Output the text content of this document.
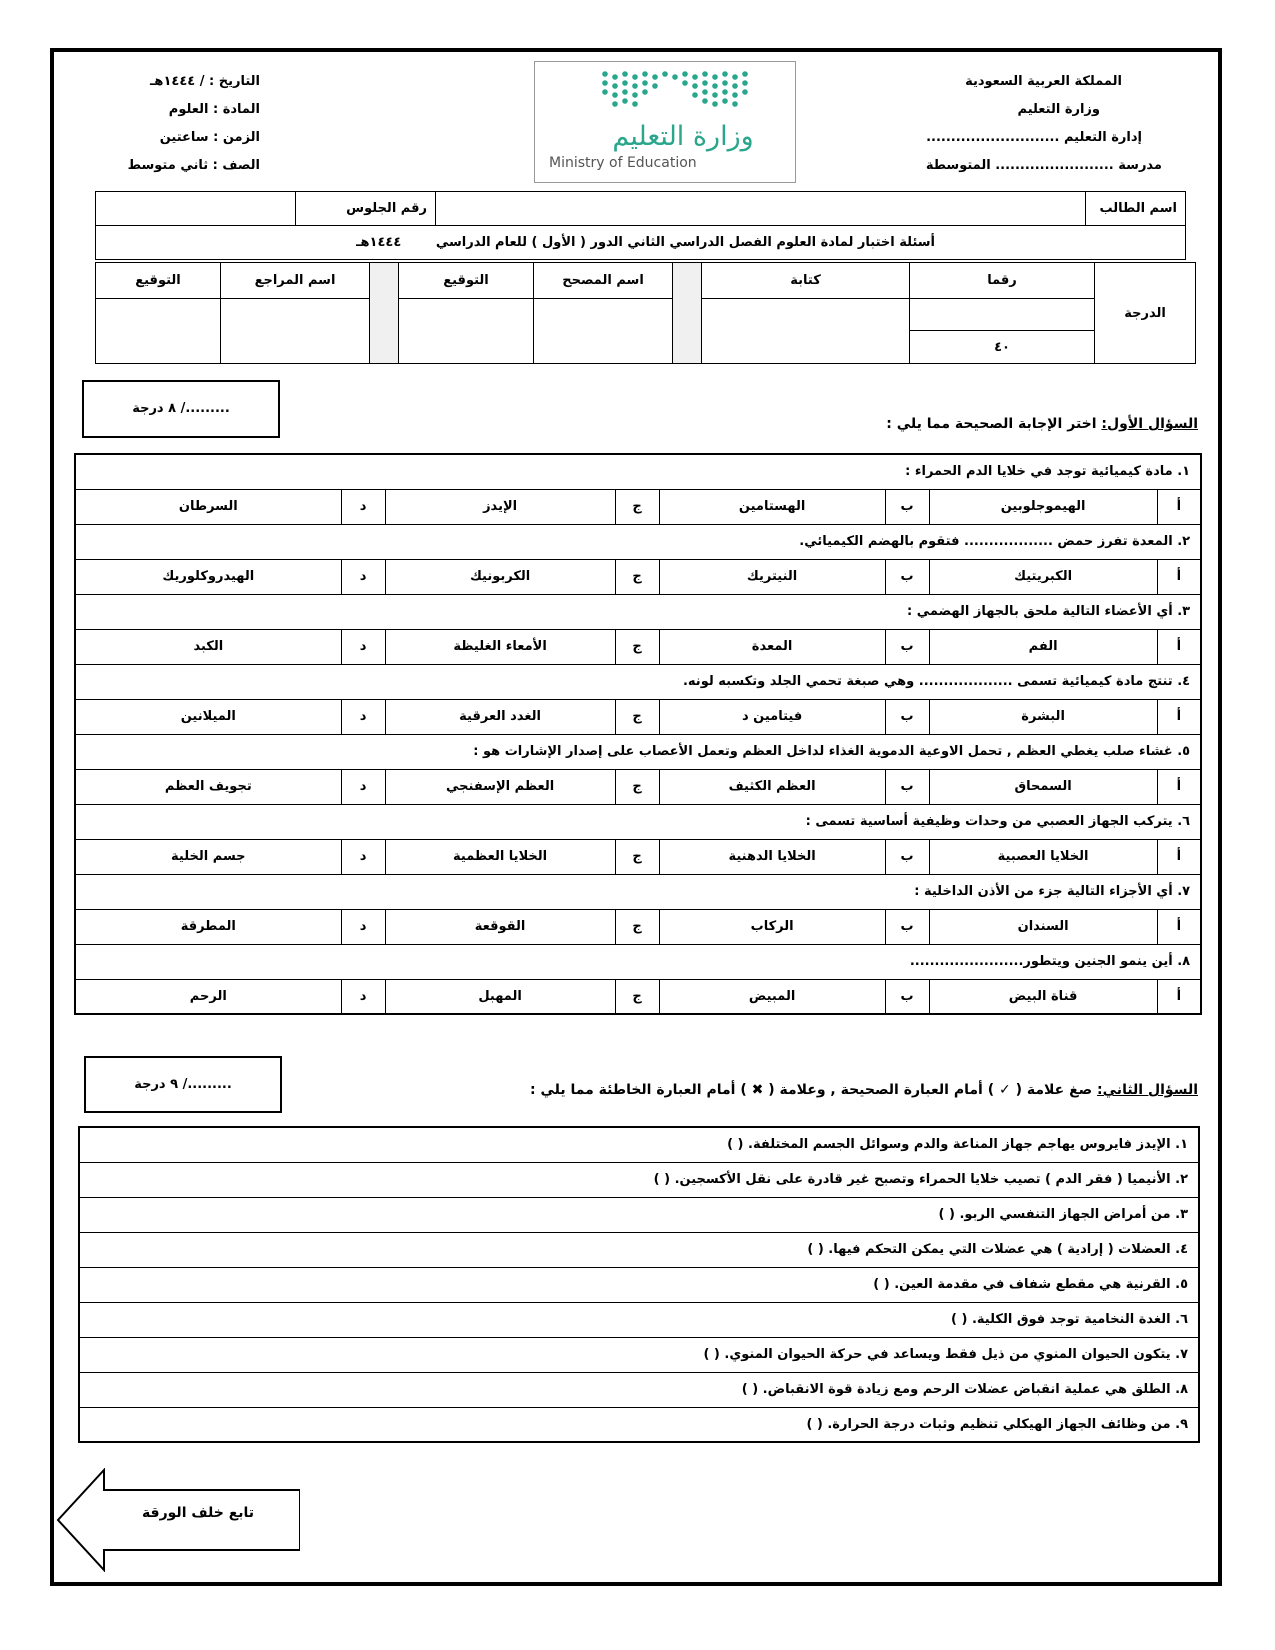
المملكة العربية السعودية
وزارة التعليم
إدارة التعليم ...........................
مدرسة ........................ المتوسطة
التاريخ : / ١٤٤٤هـ
المادة : العلوم
الزمن : ساعتين
الصف : ثاني متوسط
وزارة التعليم
Ministry of Education
اسم الطالب		رقم الجلوس	
أسئلة اختبار لمادة العلوم الفصل الدراسي الثاني الدور ( الأول ) للعام الدراسي ١٤٤٤هـ
الدرجة	رقما	كتابة		اسم المصحح	التوقيع		اسم المراجع	التوقيع

	٤٠							
........./ ٨ درجة
السؤال الأول: اختر الإجابة الصحيحة مما يلي :
١. مادة كيميائية توجد في خلايا الدم الحمراء :							
أ	الهيموجلوبين	ب	الهستامين	ج	الإيدز	د	السرطان
٢. المعدة تفرز حمض .................. فتقوم بالهضم الكيميائي.							
أ	الكبريتيك	ب	النيتريك	ج	الكربونيك	د	الهيدروكلوريك
٣. أي الأعضاء التالية ملحق بالجهاز الهضمي :							
أ	الفم	ب	المعدة	ج	الأمعاء الغليظة	د	الكبد
٤. تنتج مادة كيميائية تسمى ................... وهي صبغة تحمي الجلد وتكسبه لونه.							
أ	البشرة	ب	فيتامين د	ج	الغدد العرقية	د	الميلانين
٥. غشاء صلب يغطي العظم , تحمل الاوعية الدموية الغذاء لداخل العظم وتعمل الأعصاب على إصدار الإشارات هو :							
أ	السمحاق	ب	العظم الكثيف	ج	العظم الإسفنجي	د	تجويف العظم
٦. يتركب الجهاز العصبي من وحدات وظيفية أساسية تسمى :							
أ	الخلايا العصبية	ب	الخلايا الدهنية	ج	الخلايا العظمية	د	جسم الخلية
٧. أي الأجزاء التالية جزء من الأذن الداخلية :							
أ	السندان	ب	الركاب	ج	القوقعة	د	المطرقة
٨. أين ينمو الجنين ويتطور.......................							
أ	قناة البيض	ب	المبيض	ج	المهبل	د	الرحم
........./ ٩ درجة	السؤال الثاني: صغ علامة ( ✓ ) أمام العبارة الصحيحة , وعلامة ( ✖ ) أمام العبارة الخاطئة مما يلي :
١. الإيدز فايروس يهاجم جهاز المناعة والدم وسوائل الجسم المختلفة. ( )
٢. الأنيميا ( فقر الدم ) تصيب خلايا الحمراء وتصبح غير قادرة على نقل الأكسجين. ( )
٣. من أمراض الجهاز التنفسي الربو. ( )
٤. العضلات ( إرادية ) هي عضلات التي يمكن التحكم فيها. ( )
٥. القرنية هي مقطع شفاف في مقدمة العين. ( )
٦. الغدة النخامية توجد فوق الكلية. ( )
٧. يتكون الحيوان المنوي من ذيل فقط ويساعد في حركة الحيوان المنوي. ( )
٨. الطلق هي عملية انقباض عضلات الرحم ومع زيادة قوة الانقباض. ( )
٩. من وظائف الجهاز الهيكلي تنظيم وثبات درجة الحرارة. ( )
تابع خلف الورقة
